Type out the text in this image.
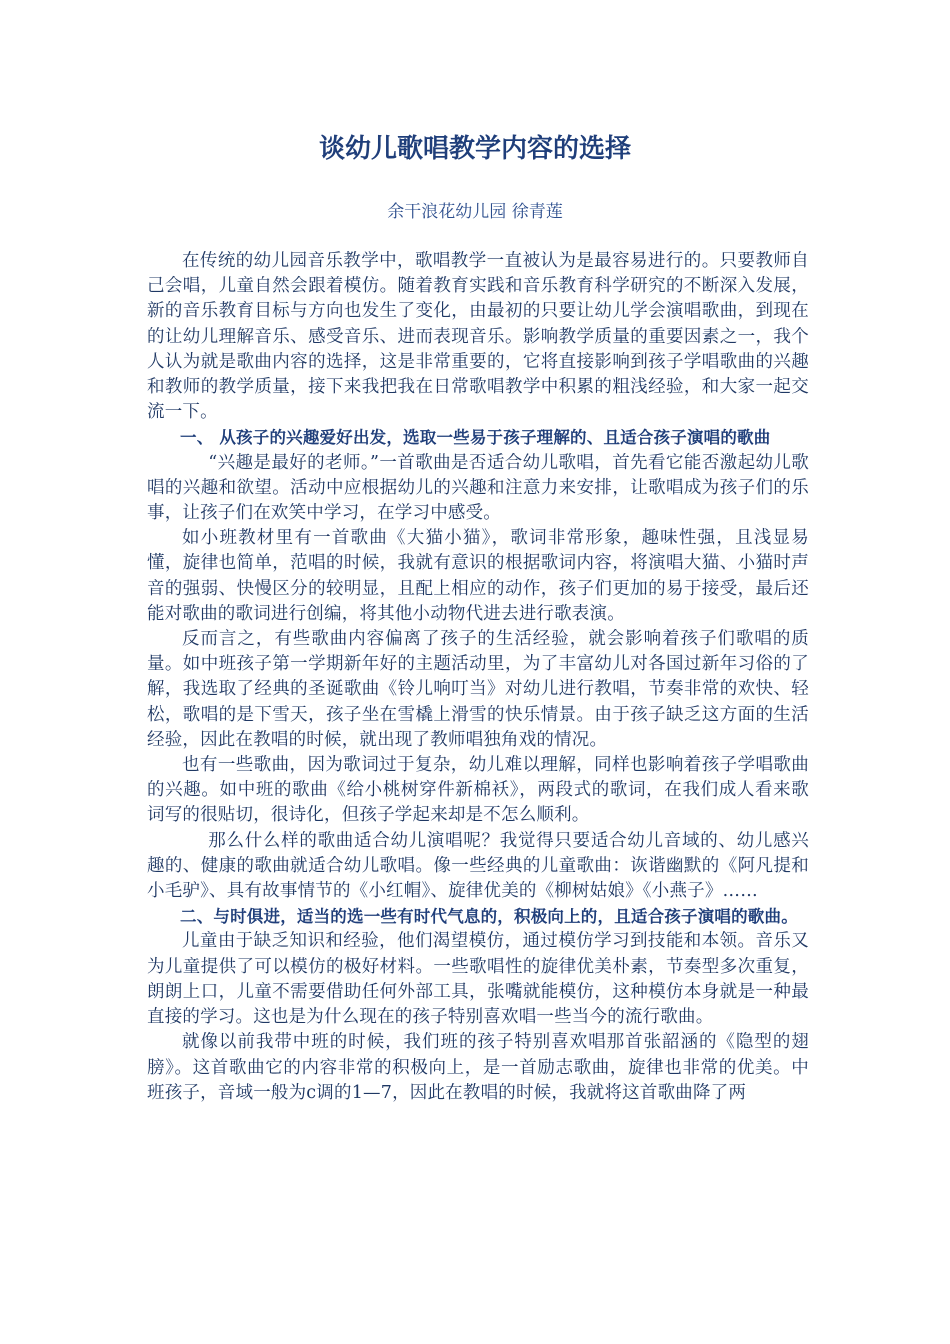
谈幼儿歌唱教学内容的选择

余干浪花幼儿园 徐青莲

在传统的幼儿园音乐教学中，歌唱教学一直被认为是最容易进行的。只要教师自己会唱，儿童自然会跟着模仿。随着教育实践和音乐教育科学研究的不断深入发展，新的音乐教育目标与方向也发生了变化，由最初的只要让幼儿学会演唱歌曲，到现在的让幼儿理解音乐、感受音乐、进而表现音乐。影响教学质量的重要因素之一，我个人认为就是歌曲内容的选择，这是非常重要的，它将直接影响到孩子学唱歌曲的兴趣和教师的教学质量，接下来我把我在日常歌唱教学中积累的粗浅经验，和大家一起交流一下。

一、 从孩子的兴趣爱好出发，选取一些易于孩子理解的、且适合孩子演唱的歌曲

“兴趣是最好的老师。”一首歌曲是否适合幼儿歌唱，首先看它能否激起幼儿歌唱的兴趣和欲望。活动中应根据幼儿的兴趣和注意力来安排，让歌唱成为孩子们的乐事，让孩子们在欢笑中学习，在学习中感受。

如小班教材里有一首歌曲《大猫小猫》，歌词非常形象，趣味性强，且浅显易懂，旋律也简单，范唱的时候，我就有意识的根据歌词内容，将演唱大猫、小猫时声音的强弱、快慢区分的较明显，且配上相应的动作，孩子们更加的易于接受，最后还能对歌曲的歌词进行创编，将其他小动物代进去进行歌表演。

反而言之，有些歌曲内容偏离了孩子的生活经验，就会影响着孩子们歌唱的质量。如中班孩子第一学期新年好的主题活动里，为了丰富幼儿对各国过新年习俗的了解，我选取了经典的圣诞歌曲《铃儿响叮当》对幼儿进行教唱，节奏非常的欢快、轻松，歌唱的是下雪天，孩子坐在雪橇上滑雪的快乐情景。由于孩子缺乏这方面的生活经验，因此在教唱的时候，就出现了教师唱独角戏的情况。

也有一些歌曲，因为歌词过于复杂，幼儿难以理解，同样也影响着孩子学唱歌曲的兴趣。如中班的歌曲《给小桃树穿件新棉袄》，两段式的歌词，在我们成人看来歌词写的很贴切，很诗化，但孩子学起来却是不怎么顺利。

那么什么样的歌曲适合幼儿演唱呢？我觉得只要适合幼儿音域的、幼儿感兴趣的、健康的歌曲就适合幼儿歌唱。像一些经典的儿童歌曲：诙谐幽默的《阿凡提和小毛驴》、具有故事情节的《小红帽》、旋律优美的《柳树姑娘》《小燕子》……

二、与时俱进，适当的选一些有时代气息的，积极向上的，且适合孩子演唱的歌曲。

儿童由于缺乏知识和经验，他们渴望模仿，通过模仿学习到技能和本领。音乐又为儿童提供了可以模仿的极好材料。一些歌唱性的旋律优美朴素，节奏型多次重复，朗朗上口，儿童不需要借助任何外部工具，张嘴就能模仿，这种模仿本身就是一种最直接的学习。这也是为什么现在的孩子特别喜欢唱一些当今的流行歌曲。

就像以前我带中班的时候，我们班的孩子特别喜欢唱那首张韶涵的《隐型的翅膀》。这首歌曲它的内容非常的积极向上，是一首励志歌曲，旋律也非常的优美。中班孩子，音域一般为c调的1—7，因此在教唱的时候，我就将这首歌曲降了两
